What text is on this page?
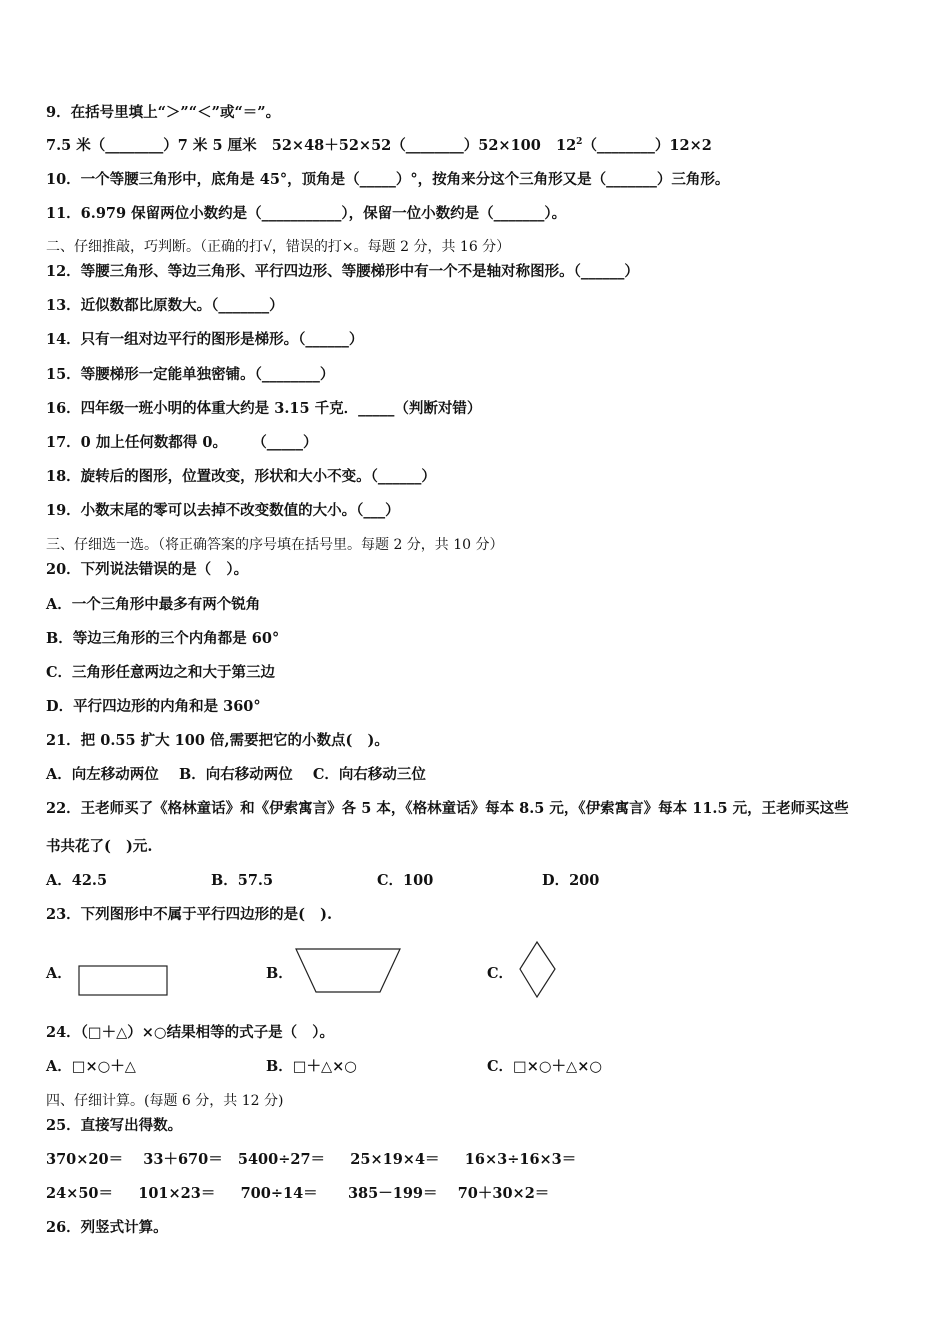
9．在括号里填上“＞”“＜”或“＝”。
7.5 米（________）7 米 5 厘米   52×48＋52×52（________）52×100   $12^2(\_\_\_\_\_\_\_\_)12\times 2$
10．一个等腰三角形中，底角是 45°，顶角是（_____）°，按角来分这个三角形又是（_______）三角形。
11．6.979 保留两位小数约是（___________），保留一位小数约是（_______）。
二、仔细推敲，巧判断。（正确的打√，错误的打×。每题 2 分，共 16 分）
12．等腰三角形、等边三角形、平行四边形、等腰梯形中有一个不是轴对称图形。（______）
13．近似数都比原数大。（_______）
14．只有一组对边平行的图形是梯形。（______）
15．等腰梯形一定能单独密铺。（________）
16．四年级一班小明的体重大约是 3.15 千克．_____（判断对错）
17．0 加上任何数都得 0。     （_____）
18．旋转后的图形，位置改变，形状和大小不变。（______）
19．小数末尾的零可以去掉不改变数值的大小。（___）
三、仔细选一选。（将正确答案的序号填在括号里。每题 2 分，共 10 分）
20．下列说法错误的是（   ）。
A．一个三角形中最多有两个锐角
B．等边三角形的三个内角都是 60°
C．三角形任意两边之和大于第三边
D．平行四边形的内角和是 360°
21．把 0.55 扩大 100 倍,需要把它的小数点(   )。
A．向左移动两位    B．向右移动两位    C．向右移动三位
22．王老师买了《格林童话》和《伊索寓言》各 5 本，《格林童话》每本 8.5 元，《伊索寓言》每本 11.5 元，王老师买这些
书共花了(   )元.
A．42.5	B．57.5	C．100	D．200
23．下列图形中不属于平行四边形的是(   ).
A．	B．	C．
24．（□＋△）×○结果相等的式子是（   ）。
A．□×○＋△	B．□＋△×○	C．□×○＋△×○
四、仔细计算。(每题 6 分，共 12 分)
25．直接写出得数。
370×20＝    33＋670＝   5400÷27＝     25×19×4＝     16×3÷16×3＝
24×50＝     101×23＝     700÷14＝      385－199＝    70＋30×2＝
26．列竖式计算。
